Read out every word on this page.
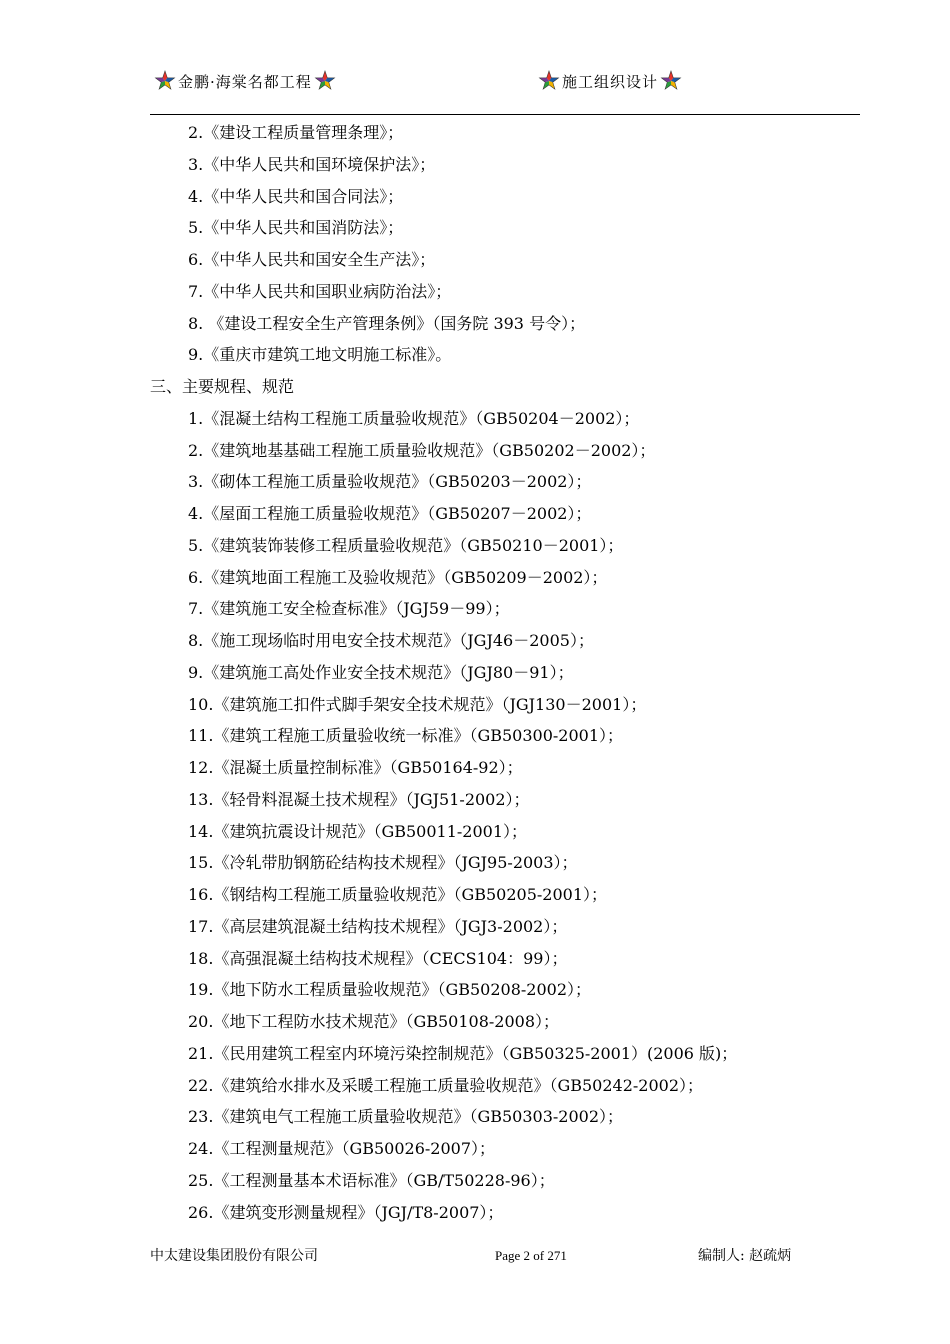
金鹏·海棠名都工程	施工组织设计
2.《建设工程质量管理条理》；
3.《中华人民共和国环境保护法》；
4.《中华人民共和国合同法》；
5.《中华人民共和国消防法》；
6.《中华人民共和国安全生产法》；
7.《中华人民共和国职业病防治法》；
8. 《建设工程安全生产管理条例》（国务院 393 号令）；
9.《重庆市建筑工地文明施工标准》。
三、主要规程、规范
1.《混凝土结构工程施工质量验收规范》（GB50204－2002）；
2.《建筑地基基础工程施工质量验收规范》（GB50202－2002）；
3.《砌体工程施工质量验收规范》（GB50203－2002）；
4.《屋面工程施工质量验收规范》（GB50207－2002）；
5.《建筑装饰装修工程质量验收规范》（GB50210－2001）；
6.《建筑地面工程施工及验收规范》（GB50209－2002）；
7.《建筑施工安全检查标准》（JGJ59－99）；
8.《施工现场临时用电安全技术规范》（JGJ46－2005）；
9.《建筑施工高处作业安全技术规范》（JGJ80－91）；
10.《建筑施工扣件式脚手架安全技术规范》（JGJ130－2001）；
11.《建筑工程施工质量验收统一标准》（GB50300-2001）；
12.《混凝土质量控制标准》（GB50164-92）；
13.《轻骨料混凝土技术规程》（JGJ51-2002）；
14.《建筑抗震设计规范》（GB50011-2001）；
15.《冷轧带肋钢筋砼结构技术规程》（JGJ95-2003）；
16.《钢结构工程施工质量验收规范》（GB50205-2001）；
17.《高层建筑混凝土结构技术规程》（JGJ3-2002）；
18.《高强混凝土结构技术规程》（CECS104：99）；
19.《地下防水工程质量验收规范》（GB50208-2002）；
20.《地下工程防水技术规范》（GB50108-2008）；
21.《民用建筑工程室内环境污染控制规范》（GB50325-2001）(2006 版)；
22.《建筑给水排水及采暖工程施工质量验收规范》（GB50242-2002）；
23.《建筑电气工程施工质量验收规范》（GB50303-2002）；
24.《工程测量规范》（GB50026-2007）；
25.《工程测量基本术语标准》（GB/T50228-96）；
26.《建筑变形测量规程》（JGJ/T8-2007）；
中太建设集团股份有限公司	Page 2 of 271	编制人: 赵疏炳
